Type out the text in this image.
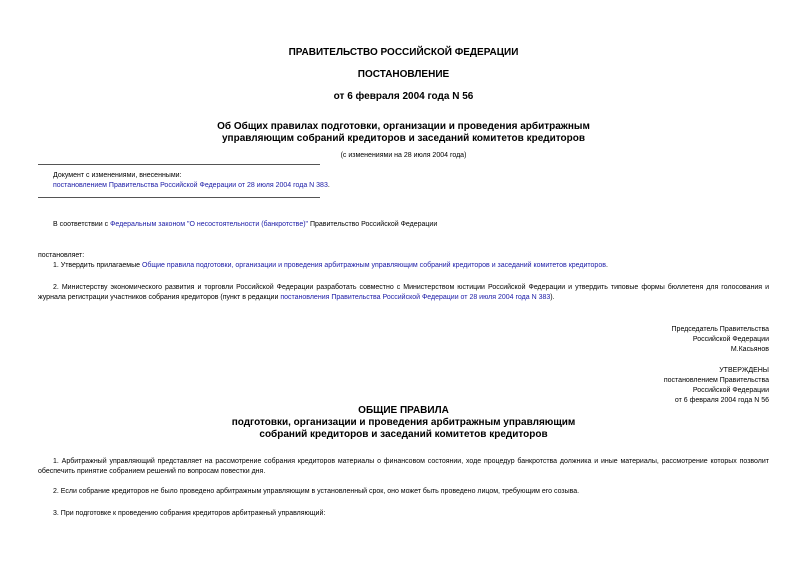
ПРАВИТЕЛЬСТВО РОССИЙСКОЙ ФЕДЕРАЦИИ
ПОСТАНОВЛЕНИЕ
от 6 февраля 2004 года N 56
Об Общих правилах подготовки, организации и проведения арбитражным
управляющим собраний кредиторов и заседаний комитетов кредиторов
(с изменениями на 28 июля 2004 года)
Документ с изменениями, внесенными:
постановлением Правительства Российской Федерации от 28 июля 2004 года N 383.
В соответствии с Федеральным законом "О несостоятельности (банкротстве)" Правительство Российской Федерации
постановляет:
1. Утвердить прилагаемые Общие правила подготовки, организации и проведения арбитражным управляющим собраний кредиторов и заседаний комитетов кредиторов.
2. Министерству экономического развития и торговли Российской Федерации разработать совместно с Министерством юстиции Российской Федерации и утвердить типовые формы бюллетеня для голосования и журнала регистрации участников собрания кредиторов (пункт в редакции постановления Правительства Российской Федерации от 28 июля 2004 года N 383).
Председатель Правительства
Российской Федерации
М.Касьянов
УТВЕРЖДЕНЫ
постановлением Правительства
Российской Федерации
от 6 февраля 2004 года N 56
ОБЩИЕ ПРАВИЛА
подготовки, организации и проведения арбитражным управляющим
собраний кредиторов и заседаний комитетов кредиторов
1. Арбитражный управляющий представляет на рассмотрение собрания кредиторов материалы о финансовом состоянии, ходе процедур банкротства должника и иные материалы, рассмотрение которых позволит обеспечить принятие собранием решений по вопросам повестки дня.
2. Если собрание кредиторов не было проведено арбитражным управляющим в установленный срок, оно может быть проведено лицом, требующим его созыва.
3. При подготовке к проведению собрания кредиторов арбитражный управляющий:
